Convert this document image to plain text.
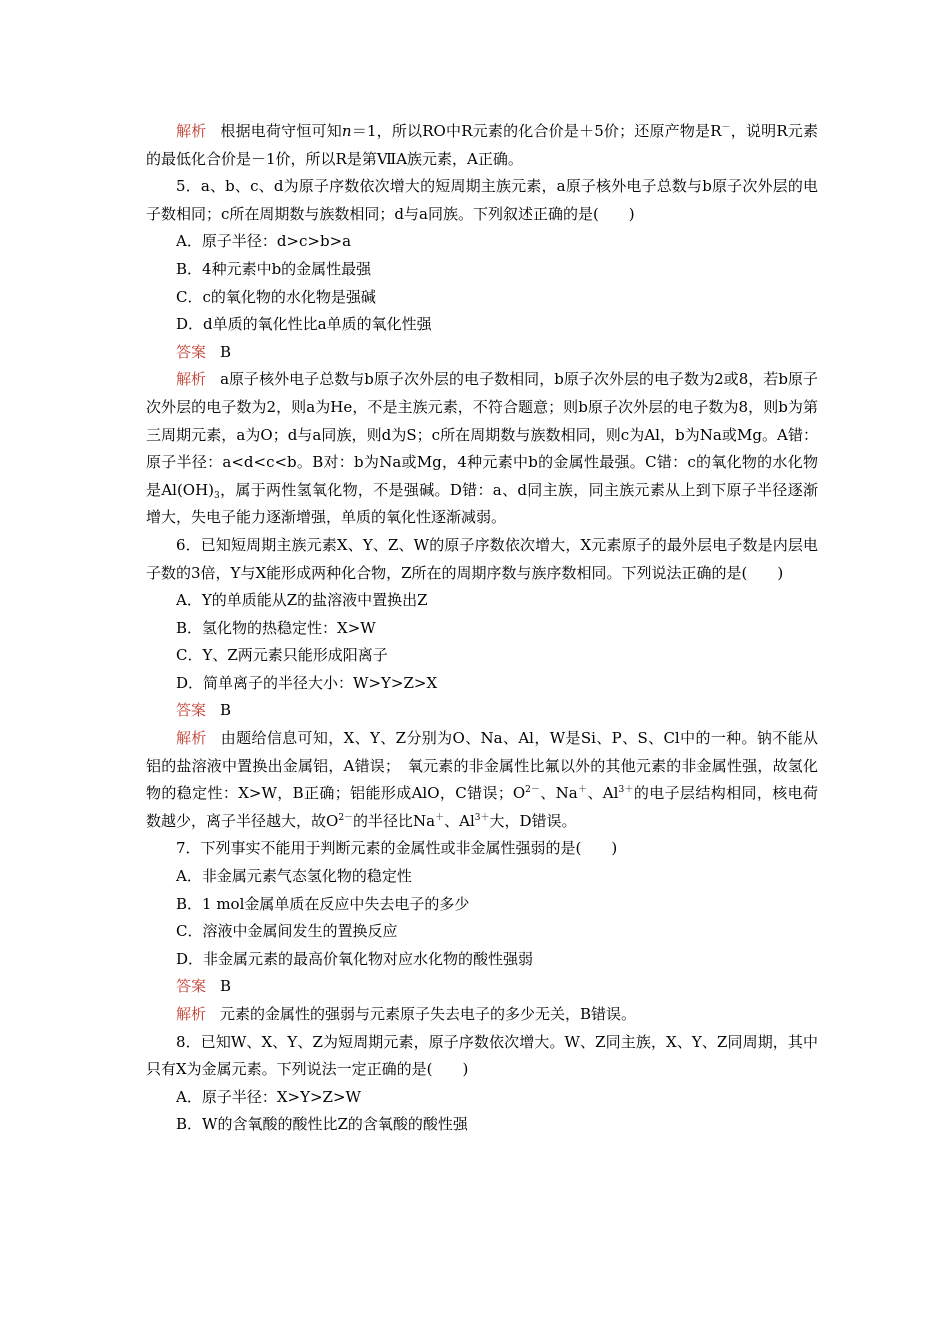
解析 根据电荷守恒可知n＝1，所以RO中R元素的化合价是＋5价；还原产物是R－，说明R元素的最低化合价是－1价，所以R是第ⅦA族元素，A正确。

5．a、b、c、d为原子序数依次增大的短周期主族元素，a原子核外电子总数与b原子次外层的电子数相同；c所在周期数与族数相同；d与a同族。下列叙述正确的是(　　)

A．原子半径：d>c>b>a

B．4种元素中b的金属性最强

C．c的氧化物的水化物是强碱

D．d单质的氧化性比a单质的氧化性强

答案 B

解析 a原子核外电子总数与b原子次外层的电子数相同，b原子次外层的电子数为2或8，若b原子次外层的电子数为2，则a为He，不是主族元素，不符合题意；则b原子次外层的电子数为8，则b为第三周期元素，a为O；d与a同族，则d为S；c所在周期数与族数相同，则c为Al，b为Na或Mg。A错：原子半径：a<d<c<b。B对：b为Na或Mg，4种元素中b的金属性最强。C错：c的氧化物的水化物是$Al(OH)_3$，属于两性氢氧化物，不是强碱。D错：a、d同主族，同主族元素从上到下原子半径逐渐增大，失电子能力逐渐增强，单质的氧化性逐渐减弱。

6．已知短周期主族元素X、Y、Z、W的原子序数依次增大，X元素原子的最外层电子数是内层电子数的3倍，Y与X能形成两种化合物，Z所在的周期序数与族序数相同。下列说法正确的是(　　)

A．Y的单质能从Z的盐溶液中置换出Z

B．氢化物的热稳定性：X>W

C．Y、Z两元素只能形成阳离子

D．简单离子的半径大小：W>Y>Z>X

答案 B

解析 由题给信息可知，X、Y、Z分别为O、Na、Al，W是Si、P、S、Cl中的一种。钠不能从铝的盐溶液中置换出金属铝，A错误；　氧元素的非金属性比氟以外的其他元素的非金属性强，故氢化物的稳定性：X>W，B正确；铝能形成AlO，C错误；$O^{2-}$、Na＋、$Al^{3+}$的电子层结构相同，核电荷数越少，离子半径越大，故$O^{2-}$的半径比Na＋、$Al^{3+}$大，D错误。

7．下列事实不能用于判断元素的金属性或非金属性强弱的是(　　)

A．非金属元素气态氢化物的稳定性

B．1 mol金属单质在反应中失去电子的多少

C．溶液中金属间发生的置换反应

D．非金属元素的最高价氧化物对应水化物的酸性强弱

答案 B

解析 元素的金属性的强弱与元素原子失去电子的多少无关，B错误。

8．已知W、X、Y、Z为短周期元素，原子序数依次增大。W、Z同主族，X、Y、Z同周期，其中只有X为金属元素。下列说法一定正确的是(　　)

A．原子半径：X>Y>Z>W

B．W的含氧酸的酸性比Z的含氧酸的酸性强
